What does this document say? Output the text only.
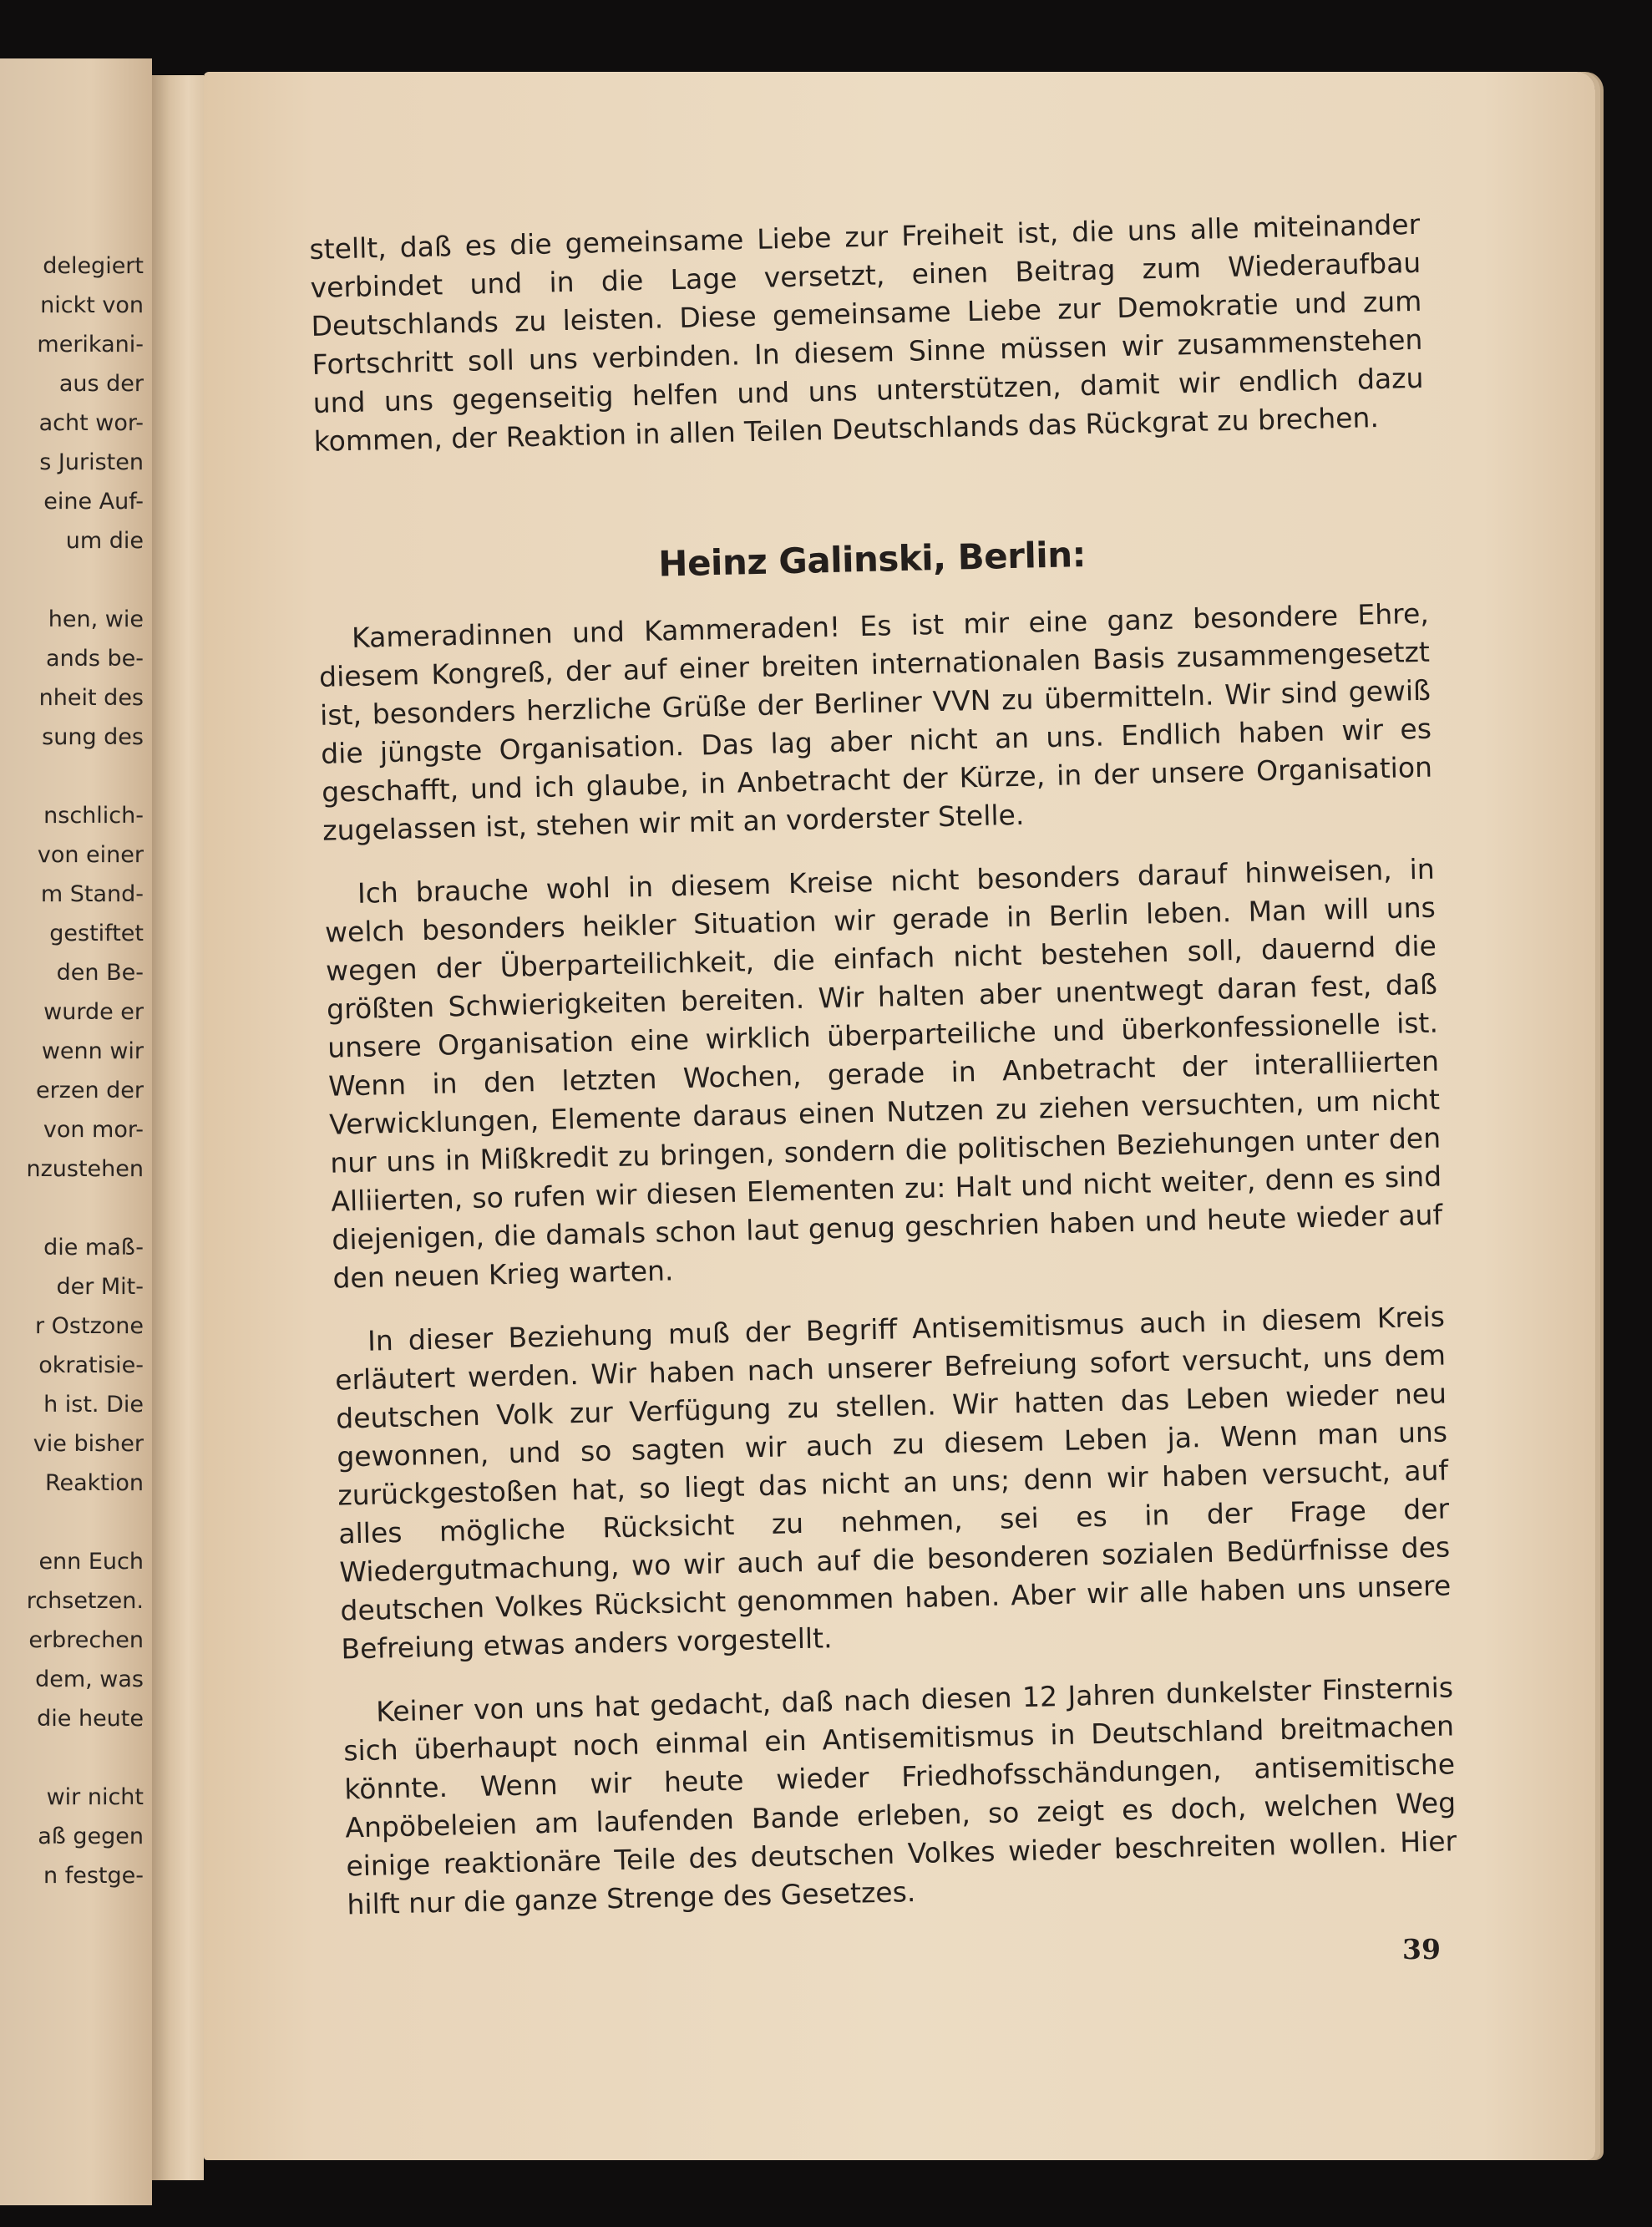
delegiert
nickt von
merikani-
aus der
acht wor-
s Juristen
eine Auf-
um die
hen, wie
ands be-
nheit des
sung des
nschlich-
von einer
m Stand-
gestiftet
den Be-
wurde er
wenn wir
erzen der
von mor-
nzustehen
die maß-
der Mit-
r Ostzone
okratisie-
h ist. Die
vie bisher
Reaktion
enn Euch
rchsetzen.
erbrechen
dem, was
die heute
wir nicht
aß gegen
n festge-

stellt, daß es die gemeinsame Liebe zur Freiheit ist, die uns alle miteinander verbindet und in die Lage versetzt, einen Beitrag zum Wiederaufbau Deutschlands zu leisten. Diese gemeinsame Liebe zur Demokratie und zum Fortschritt soll uns verbinden. In diesem Sinne müssen wir zusammenstehen und uns gegenseitig helfen und uns unterstützen, damit wir endlich dazu kommen, der Reaktion in allen Teilen Deutschlands das Rückgrat zu brechen.

Heinz Galinski, Berlin:

Kameradinnen und Kammeraden! Es ist mir eine ganz besondere Ehre, diesem Kongreß, der auf einer breiten internationalen Basis zusammengesetzt ist, besonders herzliche Grüße der Berliner VVN zu übermitteln. Wir sind gewiß die jüngste Organisation. Das lag aber nicht an uns. Endlich haben wir es geschafft, und ich glaube, in Anbetracht der Kürze, in der unsere Organisation zugelassen ist, stehen wir mit an vorderster Stelle.

Ich brauche wohl in diesem Kreise nicht besonders darauf hinweisen, in welch besonders heikler Situation wir gerade in Berlin leben. Man will uns wegen der Überparteilichkeit, die einfach nicht bestehen soll, dauernd die größten Schwierigkeiten bereiten. Wir halten aber unentwegt daran fest, daß unsere Organisation eine wirklich überparteiliche und überkonfessionelle ist. Wenn in den letzten Wochen, gerade in Anbetracht der interalliierten Verwicklungen, Elemente daraus einen Nutzen zu ziehen versuchten, um nicht nur uns in Mißkredit zu bringen, sondern die politischen Beziehungen unter den Alliierten, so rufen wir diesen Elementen zu: Halt und nicht weiter, denn es sind diejenigen, die damals schon laut genug geschrien haben und heute wieder auf den neuen Krieg warten.

In dieser Beziehung muß der Begriff Antisemitismus auch in diesem Kreis erläutert werden. Wir haben nach unserer Befreiung sofort versucht, uns dem deutschen Volk zur Verfügung zu stellen. Wir hatten das Leben wieder neu gewonnen, und so sagten wir auch zu diesem Leben ja. Wenn man uns zurückgestoßen hat, so liegt das nicht an uns; denn wir haben versucht, auf alles mögliche Rücksicht zu nehmen, sei es in der Frage der Wiedergutmachung, wo wir auch auf die besonderen sozialen Bedürfnisse des deutschen Volkes Rücksicht genommen haben. Aber wir alle haben uns unsere Befreiung etwas anders vorgestellt.

Keiner von uns hat gedacht, daß nach diesen 12 Jahren dunkelster Finsternis sich überhaupt noch einmal ein Antisemitismus in Deutschland breitmachen könnte. Wenn wir heute wieder Friedhofsschändungen, antisemitische Anpöbeleien am laufenden Bande erleben, so zeigt es doch, welchen Weg einige reaktionäre Teile des deutschen Volkes wieder beschreiten wollen. Hier hilft nur die ganze Strenge des Gesetzes.

39
